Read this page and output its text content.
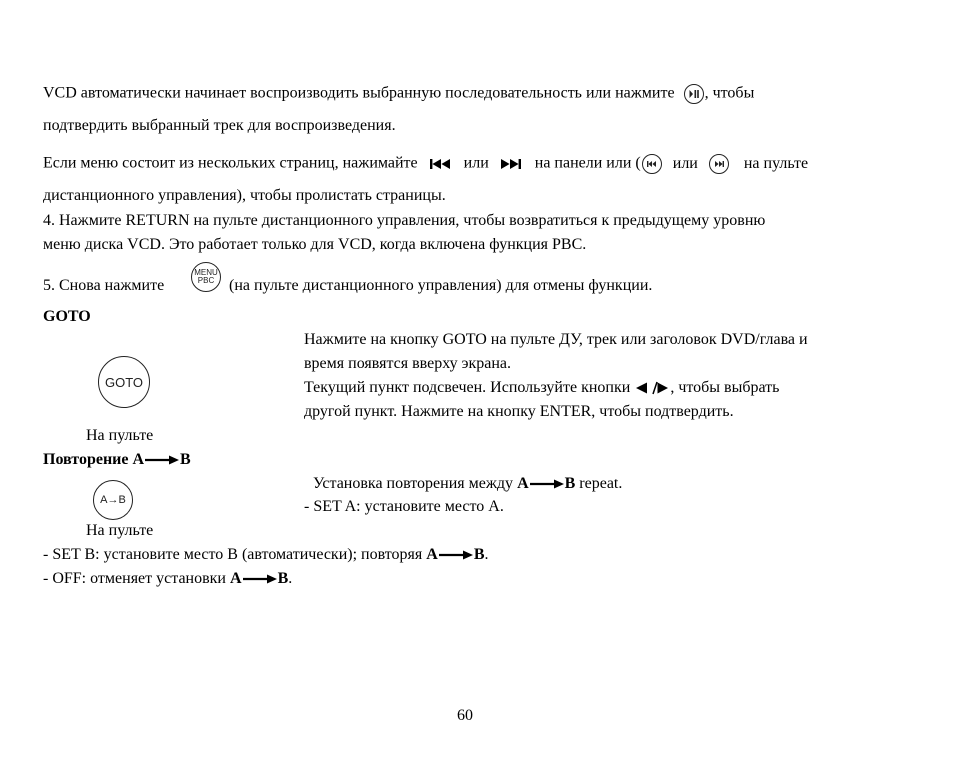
VCD автоматически начинает воспроизводить выбранную последовательность или нажмите , чтобы
подтвердить выбранный трек для воспроизведения.
Если меню состоит из нескольких страниц, нажимайте	или	на панели или ( или	на пульте
дистанционного управления), чтобы пролистать страницы.
4. Нажмите RETURN на пульте дистанционного управления, чтобы возвратиться к предыдущему уровню
меню диска VCD. Это работает только для VCD, когда включена функция PBC.
5. Снова нажмите
MENU
PBC (на пульте дистанционного управления) для отмены функции.
GOTO
GOTO
Нажмите на кнопку GOTO на пульте ДУ, трек или заголовок DVD/глава и
время появятся вверху экрана.
Текущий пункт подсвечен. Используйте кнопки	, чтобы выбрать
другой пункт. Нажмите на кнопку ENTER, чтобы подтвердить.
На пульте
Повторение А В
A→B
Установка повторения между A B repeat.
- SET A: установите место A.
На пульте
- SET B: установите место B (автоматически); повторяя A B.
- OFF: отменяет установки A B.
60
